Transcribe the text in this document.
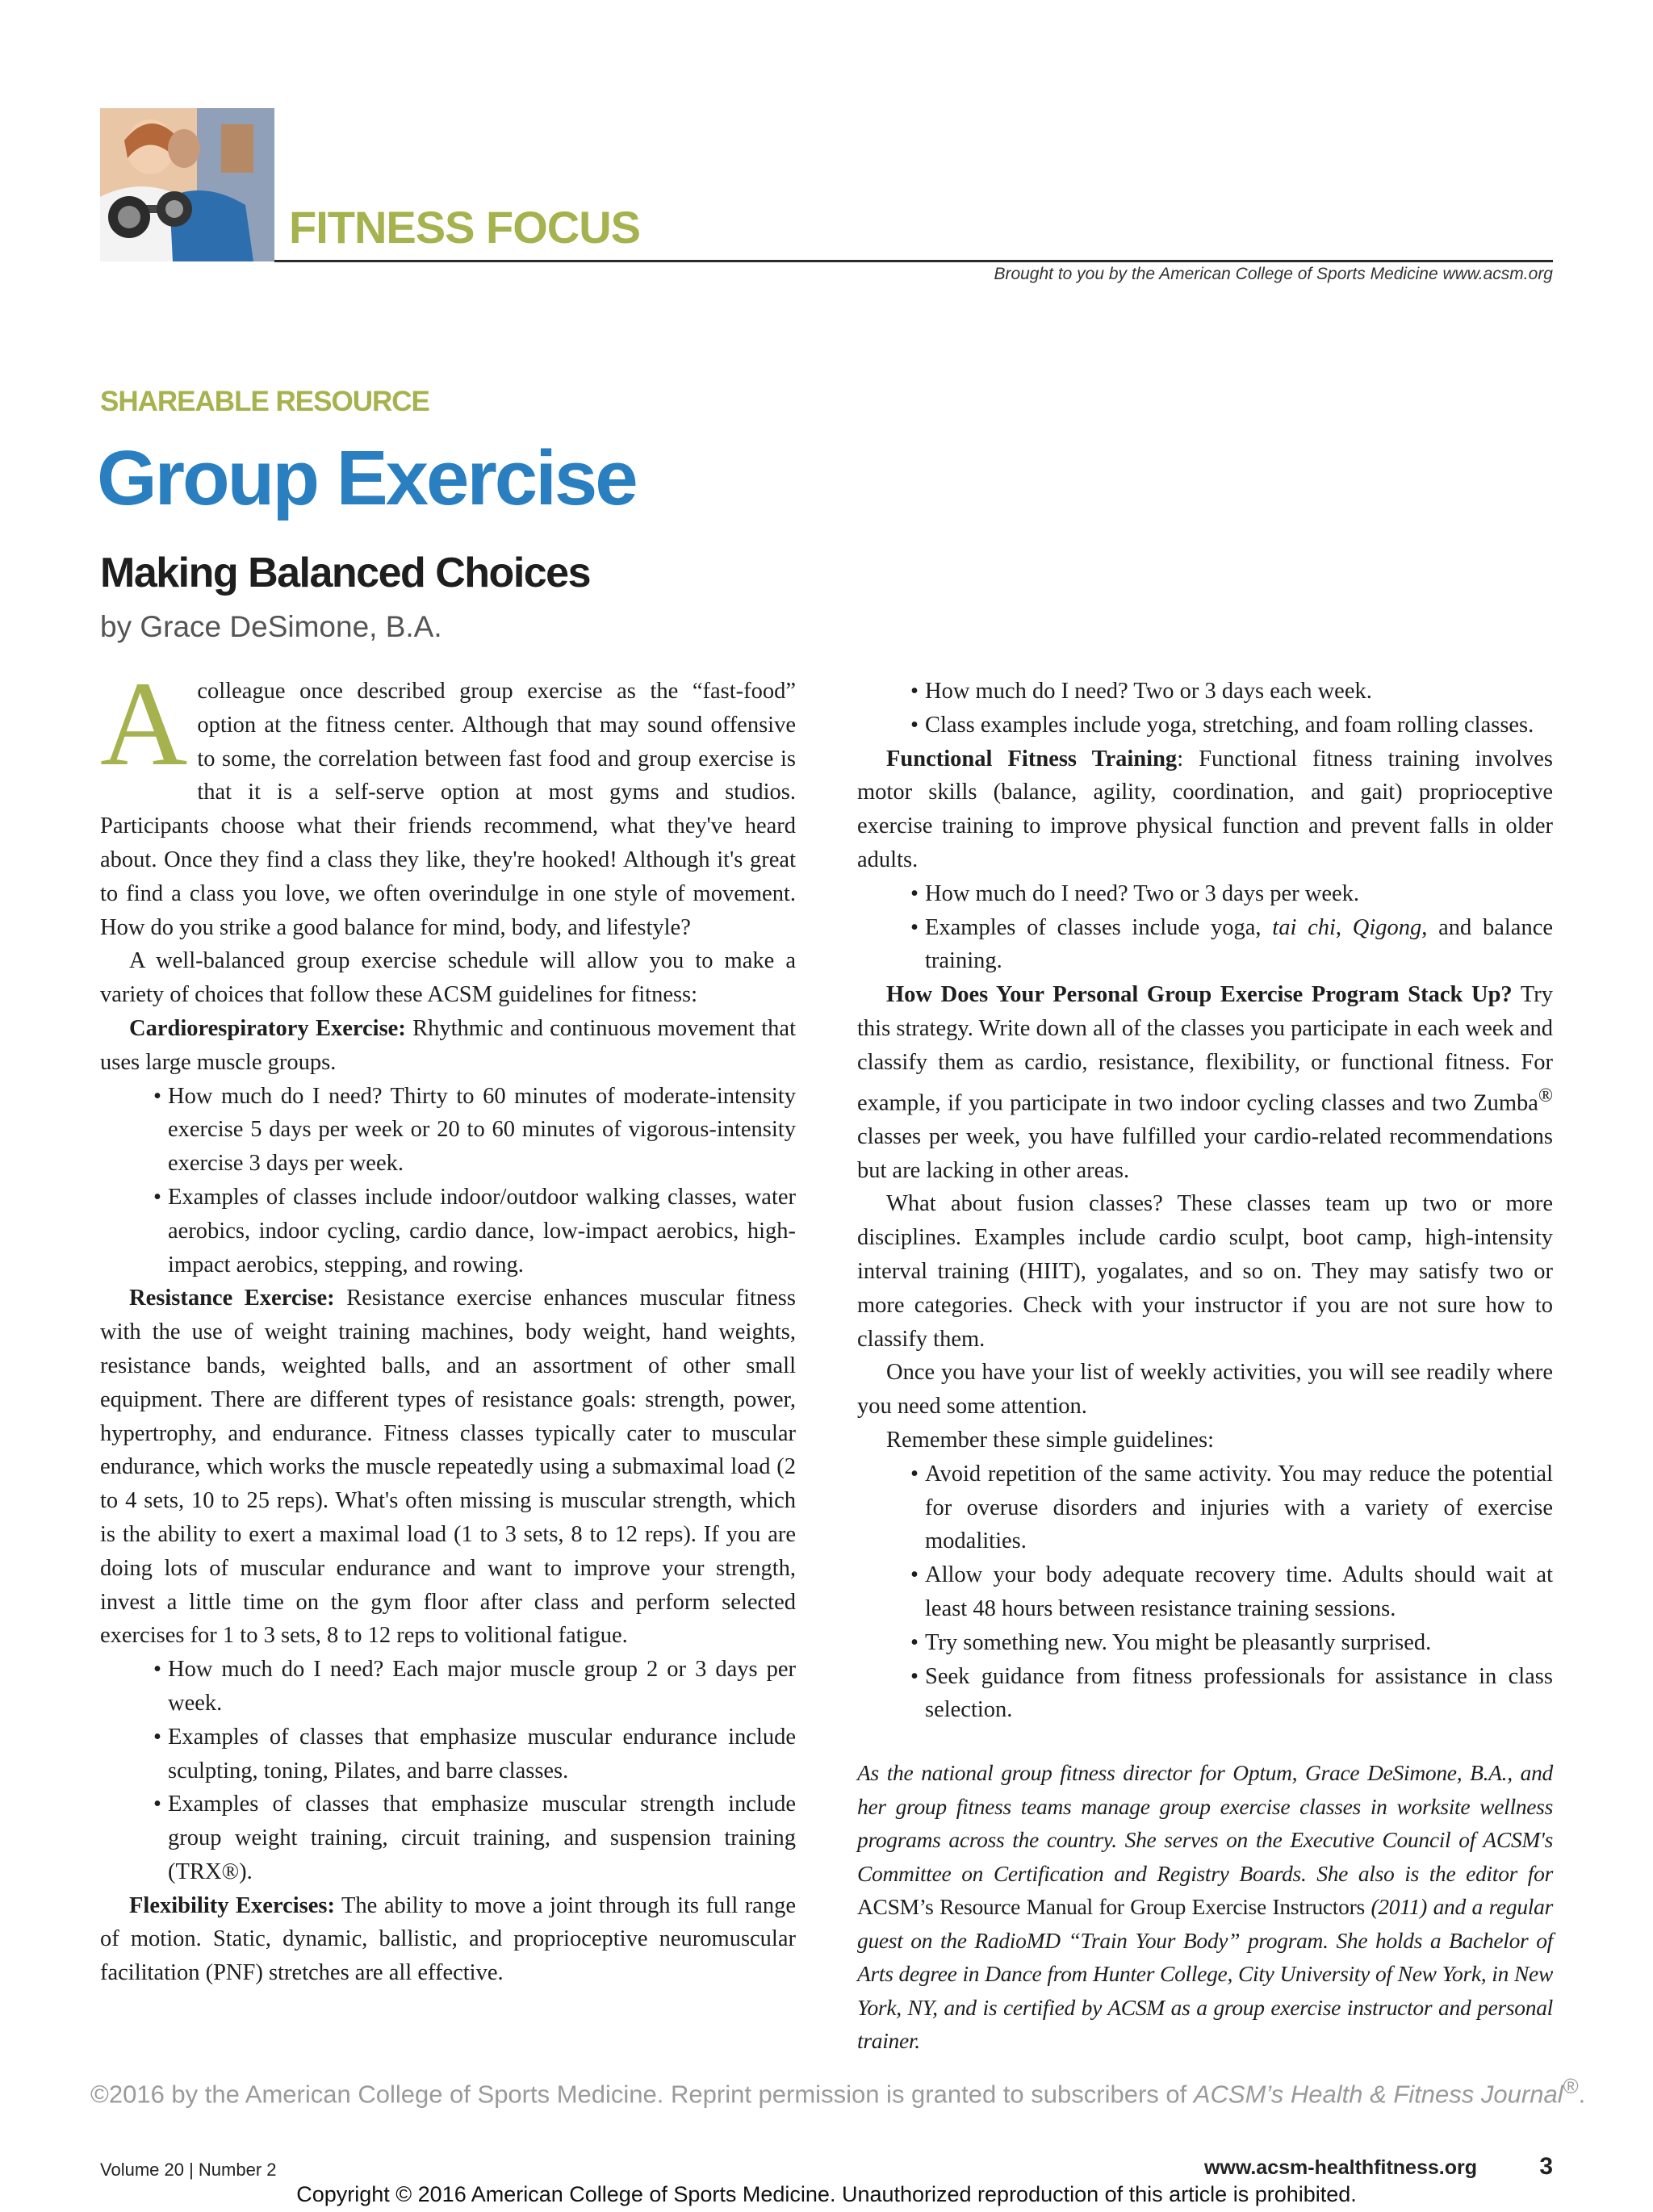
FITNESS FOCUS
Brought to you by the American College of Sports Medicine www.acsm.org
SHAREABLE RESOURCE
Group Exercise
Making Balanced Choices
by Grace DeSimone, B.A.

Acolleague once described group exercise as the “fast-food” option at the fitness center. Although that may sound offensive to some, the correlation between fast food and group exercise is that it is a self-serve option at most gyms and studios. Participants choose what their friends recommend, what they've heard about. Once they find a class they like, they're hooked! Although it's great to find a class you love, we often overindulge in one style of movement. How do you strike a good balance for mind, body, and lifestyle?

A well-balanced group exercise schedule will allow you to make a variety of choices that follow these ACSM guidelines for fitness:

Cardiorespiratory Exercise: Rhythmic and continuous movement that uses large muscle groups.

• How much do I need? Thirty to 60 minutes of moderate-intensity exercise 5 days per week or 20 to 60 minutes of vigorous-intensity exercise 3 days per week.
• Examples of classes include indoor/outdoor walking classes, water aerobics, indoor cycling, cardio dance, low-impact aerobics, high-impact aerobics, stepping, and rowing.

Resistance Exercise: Resistance exercise enhances muscular fitness with the use of weight training machines, body weight, hand weights, resistance bands, weighted balls, and an assortment of other small equipment. There are different types of resistance goals: strength, power, hypertrophy, and endurance. Fitness classes typically cater to muscular endurance, which works the muscle repeatedly using a submaximal load (2 to 4 sets, 10 to 25 reps). What's often missing is muscular strength, which is the ability to exert a maximal load (1 to 3 sets, 8 to 12 reps). If you are doing lots of muscular endurance and want to improve your strength, invest a little time on the gym floor after class and perform selected exercises for 1 to 3 sets, 8 to 12 reps to volitional fatigue.

• How much do I need? Each major muscle group 2 or 3 days per week.
• Examples of classes that emphasize muscular endurance include sculpting, toning, Pilates, and barre classes.
• Examples of classes that emphasize muscular strength include group weight training, circuit training, and suspension training (TRX®).

Flexibility Exercises: The ability to move a joint through its full range of motion. Static, dynamic, ballistic, and proprioceptive neuromuscular facilitation (PNF) stretches are all effective.

• How much do I need? Two or 3 days each week.
• Class examples include yoga, stretching, and foam rolling classes.

Functional Fitness Training: Functional fitness training involves motor skills (balance, agility, coordination, and gait) proprioceptive exercise training to improve physical function and prevent falls in older adults.

• How much do I need? Two or 3 days per week.
• Examples of classes include yoga, tai chi, Qigong, and balance training.

How Does Your Personal Group Exercise Program Stack Up? Try this strategy. Write down all of the classes you participate in each week and classify them as cardio, resistance, flexibility, or functional fitness. For example, if you participate in two indoor cycling classes and two Zumba® classes per week, you have fulfilled your cardio-related recommendations but are lacking in other areas.

What about fusion classes? These classes team up two or more disciplines. Examples include cardio sculpt, boot camp, high-intensity interval training (HIIT), yogalates, and so on. They may satisfy two or more categories. Check with your instructor if you are not sure how to classify them.

Once you have your list of weekly activities, you will see readily where you need some attention.

Remember these simple guidelines:

• Avoid repetition of the same activity. You may reduce the potential for overuse disorders and injuries with a variety of exercise modalities.
• Allow your body adequate recovery time. Adults should wait at least 48 hours between resistance training sessions.
• Try something new. You might be pleasantly surprised.
• Seek guidance from fitness professionals for assistance in class selection.

As the national group fitness director for Optum, Grace DeSimone, B.A., and her group fitness teams manage group exercise classes in worksite wellness programs across the country. She serves on the Executive Council of ACSM's Committee on Certification and Registry Boards. She also is the editor for ACSM’s Resource Manual for Group Exercise Instructors (2011) and a regular guest on the RadioMD “Train Your Body” program. She holds a Bachelor of Arts degree in Dance from Hunter College, City University of New York, in New York, NY, and is certified by ACSM as a group exercise instructor and personal trainer.

©2016 by the American College of Sports Medicine. Reprint permission is granted to subscribers of ACSM’s Health & Fitness Journal®.
Volume 20 | Number 2	www.acsm-healthfitness.org	3
Copyright © 2016 American College of Sports Medicine. Unauthorized reproduction of this article is prohibited.
